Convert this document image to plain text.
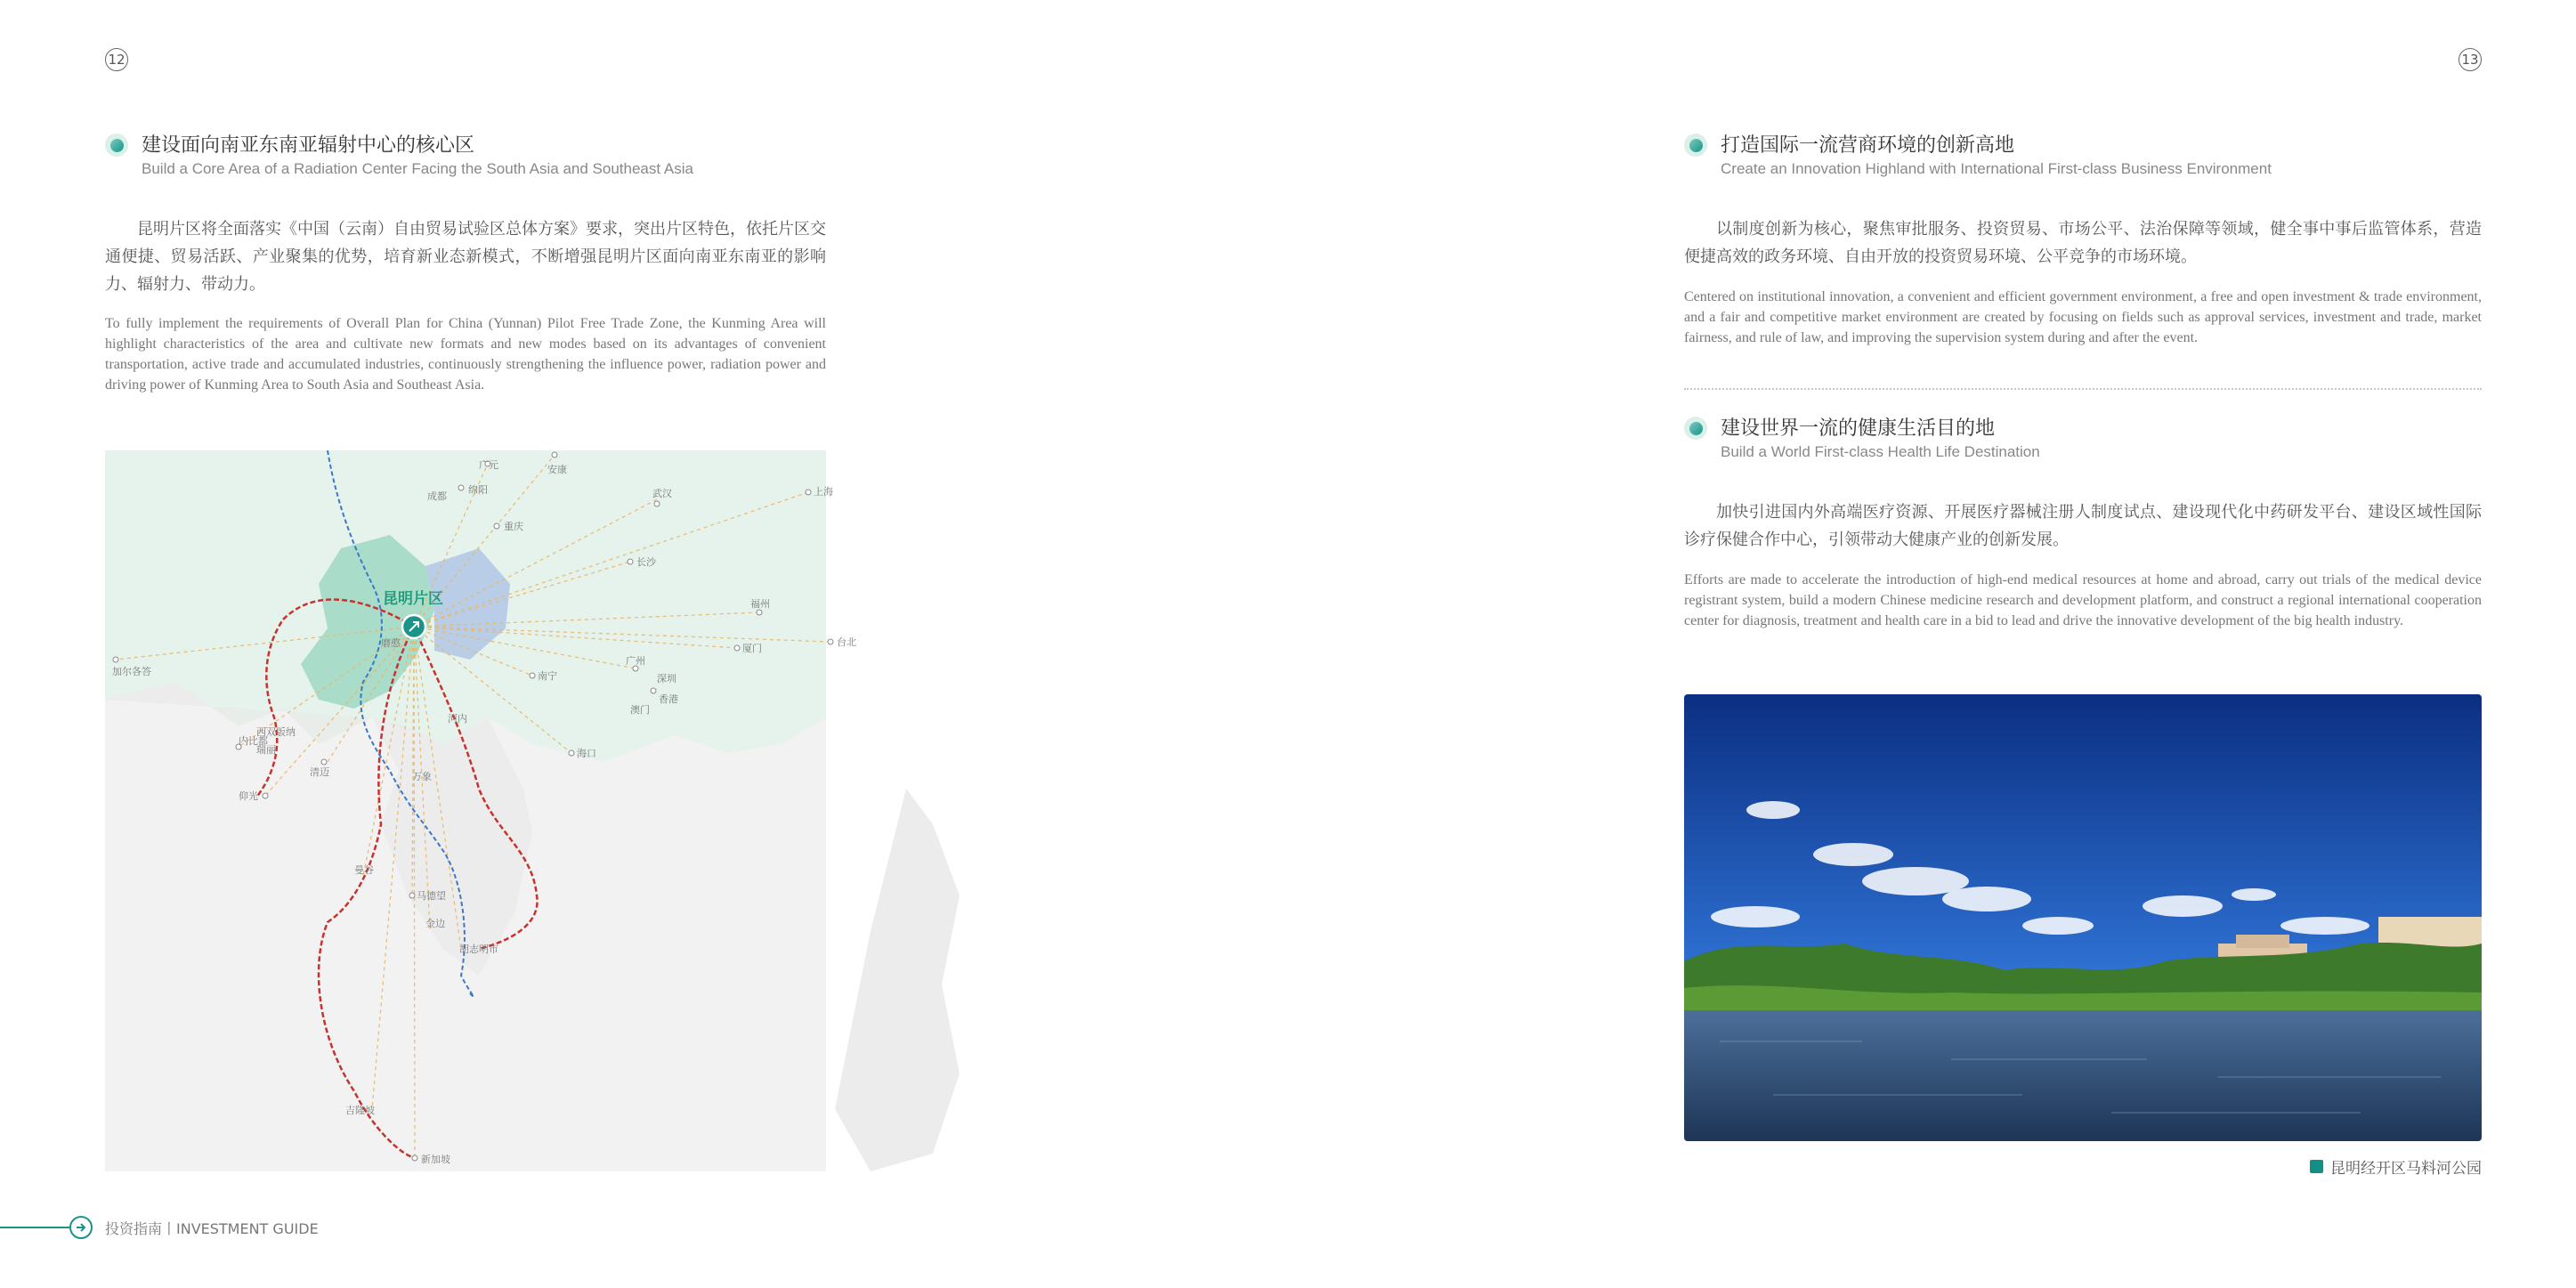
12	13
建设面向南亚东南亚辐射中心的核心区
Build a Core Area of a Radiation Center Facing the South Asia and Southeast Asia
昆明片区将全面落实《中国（云南）自由贸易试验区总体方案》要求，突出片区特色，依托片区交通便捷、贸易活跃、产业聚集的优势，培育新业态新模式，不断增强昆明片区面向南亚东南亚的影响力、辐射力、带动力。
To fully implement the requirements of Overall Plan for China (Yunnan) Pilot Free Trade Zone, the Kunming Area will highlight characteristics of the area and cultivate new formats and new modes based on its advantages of convenient transportation, active trade and accumulated industries, continuously strengthening the influence power, radiation power and driving power of Kunming Area to South Asia and Southeast Asia.
广元	安康
成都
绵阳	武汉	上海
重庆
长沙
福州
台北
厦门
南宁
广州
深圳
香港
澳门
河内
海口
加尔各答
西双版纳
瑞丽
内比都
清迈
仰光
万象
曼谷
马德望
金边
胡志明市
吉隆坡
新加坡
磨憨
昆明片区
打造国际一流营商环境的创新高地
Create an Innovation Highland with International First-class Business Environment
以制度创新为核心，聚焦审批服务、投资贸易、市场公平、法治保障等领域，健全事中事后监管体系，营造便捷高效的政务环境、自由开放的投资贸易环境、公平竞争的市场环境。
Centered on institutional innovation, a convenient and efficient government environment, a free and open investment & trade environment, and a fair and competitive market environment are created by focusing on fields such as approval services, investment and trade, market fairness, and rule of law, and improving the supervision system during and after the event.
建设世界一流的健康生活目的地
Build a World First-class Health Life Destination
加快引进国内外高端医疗资源、开展医疗器械注册人制度试点、建设现代化中药研发平台、建设区域性国际诊疗保健合作中心，引领带动大健康产业的创新发展。
Efforts are made to accelerate the introduction of high-end medical resources at home and abroad, carry out trials of the medical device registrant system, build a modern Chinese medicine research and development platform, and construct a regional international cooperation center for diagnosis, treatment and health care in a bid to lead and drive the innovative development of the big health industry.
昆明经开区马料河公园
投资指南丨INVESTMENT GUIDE
